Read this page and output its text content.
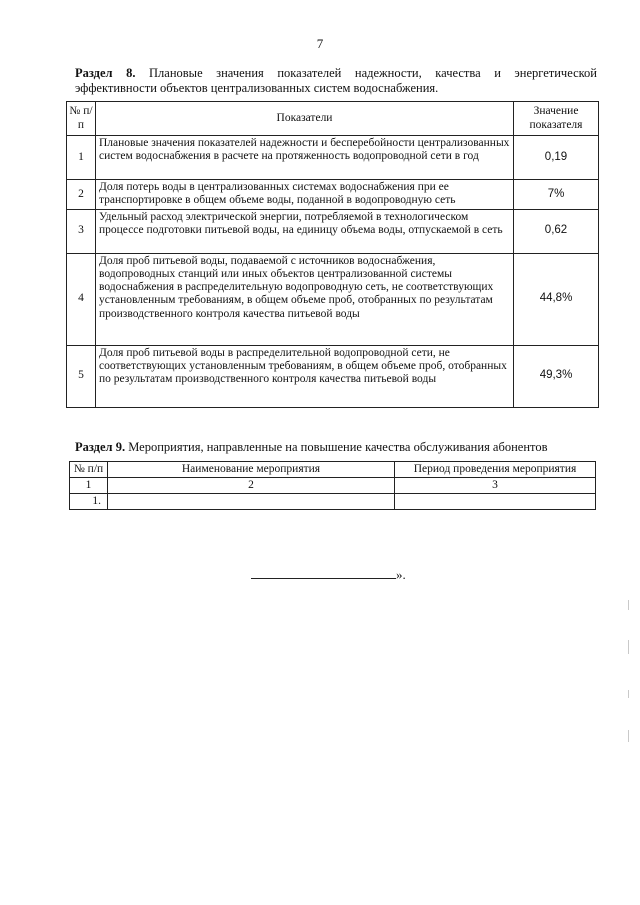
7
Раздел 8. Плановые значения показателей надежности, качества и энергетической эффективности объектов централизованных систем водоснабжения.
№ п/п	Показатели	Значение показателя
1	Плановые значения показателей надежности и бесперебойности централизованных систем водоснабжения в расчете на протяженность водопроводной сети в год	0,19
2	Доля потерь воды в централизованных системах водоснабжения при ее транспортировке в общем объеме воды, поданной в водопроводную сеть	7%
3	Удельный расход электрической энергии, потребляемой в технологическом процессе подготовки питьевой воды, на единицу объема воды, отпускаемой в сеть	0,62
4	Доля проб питьевой воды, подаваемой с источников водоснабжения, водопроводных станций или иных объектов централизованной системы водоснабжения в распределительную водопроводную сеть, не соответствующих установленным требованиям, в общем объеме проб, отобранных по результатам производственного контроля качества питьевой воды	44,8%
5	Доля проб питьевой воды в распределительной водопроводной сети, не соответствующих установленным требованиям, в общем объеме проб, отобранных по результатам производственного контроля качества питьевой воды	49,3%
Раздел 9. Мероприятия, направленные на повышение качества обслуживания абонентов
№ п/п	Наименование мероприятия	Период проведения мероприятия
1	2	3
1.		
».
